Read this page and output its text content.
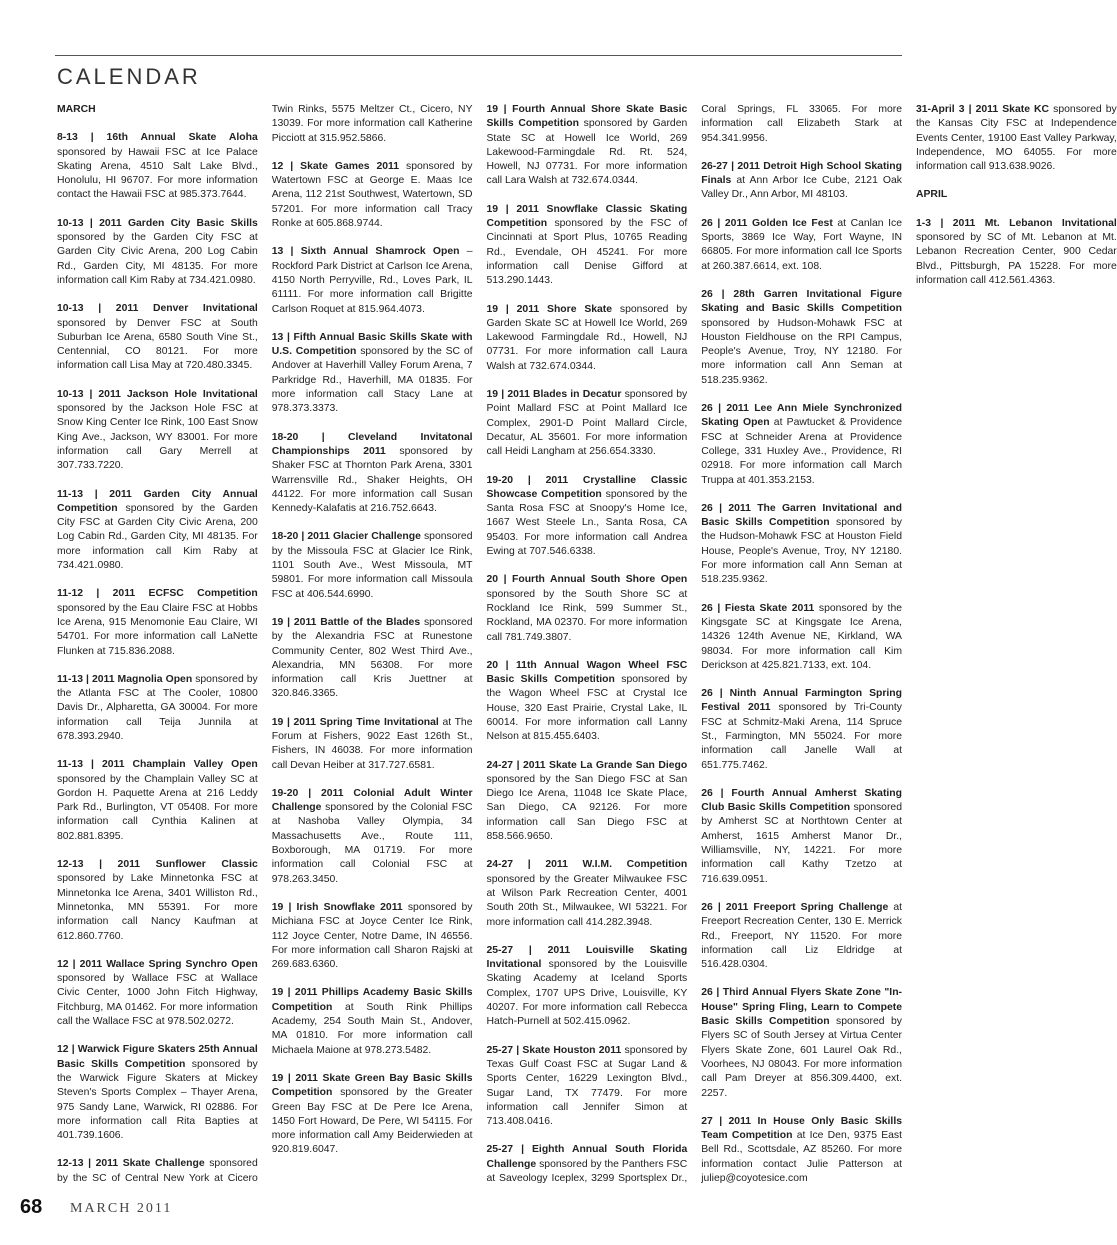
CALENDAR
MARCH
8-13 | 16th Annual Skate Aloha sponsored by Hawaii FSC at Ice Palace Skating Arena, 4510 Salt Lake Blvd., Honolulu, HI 96707. For more information contact the Hawaii FSC at 985.373.7644.
10-13 | 2011 Garden City Basic Skills sponsored by the Garden City FSC at Garden City Civic Arena, 200 Log Cabin Rd., Garden City, MI 48135. For more information call Kim Raby at 734.421.0980.
10-13 | 2011 Denver Invitational sponsored by Denver FSC at South Suburban Ice Arena, 6580 South Vine St., Centennial, CO 80121. For more information call Lisa May at 720.480.3345.
10-13 | 2011 Jackson Hole Invitational sponsored by the Jackson Hole FSC at Snow King Center Ice Rink, 100 East Snow King Ave., Jackson, WY 83001. For more information call Gary Merrell at 307.733.7220.
11-13 | 2011 Garden City Annual Competition sponsored by the Garden City FSC at Garden City Civic Arena, 200 Log Cabin Rd., Garden City, MI 48135. For more information call Kim Raby at 734.421.0980.
11-12 | 2011 ECFSC Competition sponsored by the Eau Claire FSC at Hobbs Ice Arena, 915 Menomonie Eau Claire, WI 54701. For more information call LaNette Flunken at 715.836.2088.
11-13 | 2011 Magnolia Open sponsored by the Atlanta FSC at The Cooler, 10800 Davis Dr., Alpharetta, GA 30004. For more information call Teija Junnila at 678.393.2940.
11-13 | 2011 Champlain Valley Open sponsored by the Champlain Valley SC at Gordon H. Paquette Arena at 216 Leddy Park Rd., Burlington, VT 05408. For more information call Cynthia Kalinen at 802.881.8395.
12-13 | 2011 Sunflower Classic sponsored by Lake Minnetonka FSC at Minnetonka Ice Arena, 3401 Williston Rd., Minnetonka, MN 55391. For more information call Nancy Kaufman at 612.860.7760.
12 | 2011 Wallace Spring Synchro Open sponsored by Wallace FSC at Wallace Civic Center, 1000 John Fitch Highway, Fitchburg, MA 01462. For more information call the Wallace FSC at 978.502.0272.
12 | Warwick Figure Skaters 25th Annual Basic Skills Competition sponsored by the Warwick Figure Skaters at Mickey Steven's Sports Complex – Thayer Arena, 975 Sandy Lane, Warwick, RI 02886. For more information call Rita Bapties at 401.739.1606.
12-13 | 2011 Skate Challenge sponsored by the SC of Central New York at Cicero Twin Rinks, 5575 Meltzer Ct., Cicero, NY 13039. For more information call Katherine Picciott at 315.952.5866.
12 | Skate Games 2011 sponsored by Watertown FSC at George E. Maas Ice Arena, 112 21st Southwest, Watertown, SD 57201. For more information call Tracy Ronke at 605.868.9744.
13 | Sixth Annual Shamrock Open – Rockford Park District at Carlson Ice Arena, 4150 North Perryville, Rd., Loves Park, IL 61111. For more information call Brigitte Carlson Roquet at 815.964.4073.
13 | Fifth Annual Basic Skills Skate with U.S. Competition sponsored by the SC of Andover at Haverhill Valley Forum Arena, 7 Parkridge Rd., Haverhill, MA 01835. For more information call Stacy Lane at 978.373.3373.
18-20 | Cleveland Invitatonal Championships 2011 sponsored by Shaker FSC at Thornton Park Arena, 3301 Warrensville Rd., Shaker Heights, OH 44122. For more information call Susan Kennedy-Kalafatis at 216.752.6643.
18-20 | 2011 Glacier Challenge sponsored by the Missoula FSC at Glacier Ice Rink, 1101 South Ave., West Missoula, MT 59801. For more information call Missoula FSC at 406.544.6990.
19 | 2011 Battle of the Blades sponsored by the Alexandria FSC at Runestone Community Center, 802 West Third Ave., Alexandria, MN 56308. For more information call Kris Juettner at 320.846.3365.
19 | 2011 Spring Time Invitational at The Forum at Fishers, 9022 East 126th St., Fishers, IN 46038. For more information call Devan Heiber at 317.727.6581.
19-20 | 2011 Colonial Adult Winter Challenge sponsored by the Colonial FSC at Nashoba Valley Olympia, 34 Massachusetts Ave., Route 111, Boxborough, MA 01719. For more information call Colonial FSC at 978.263.3450.
19 | Irish Snowflake 2011 sponsored by Michiana FSC at Joyce Center Ice Rink, 112 Joyce Center, Notre Dame, IN 46556. For more information call Sharon Rajski at 269.683.6360.
19 | 2011 Phillips Academy Basic Skills Competition at South Rink Phillips Academy, 254 South Main St., Andover, MA 01810. For more information call Michaela Maione at 978.273.5482.
19 | 2011 Skate Green Bay Basic Skills Competition sponsored by the Greater Green Bay FSC at De Pere Ice Arena, 1450 Fort Howard, De Pere, WI 54115. For more information call Amy Beiderwieden at 920.819.6047.
19 | Fourth Annual Shore Skate Basic Skills Competition sponsored by Garden State SC at Howell Ice World, 269 Lakewood-Farmingdale Rd. Rt. 524, Howell, NJ 07731. For more information call Lara Walsh at 732.674.0344.
19 | 2011 Snowflake Classic Skating Competition sponsored by the FSC of Cincinnati at Sport Plus, 10765 Reading Rd., Evendale, OH 45241. For more information call Denise Gifford at 513.290.1443.
19 | 2011 Shore Skate sponsored by Garden Skate SC at Howell Ice World, 269 Lakewood Farmingdale Rd., Howell, NJ 07731. For more information call Laura Walsh at 732.674.0344.
19 | 2011 Blades in Decatur sponsored by Point Mallard FSC at Point Mallard Ice Complex, 2901-D Point Mallard Circle, Decatur, AL 35601. For more information call Heidi Langham at 256.654.3330.
19-20 | 2011 Crystalline Classic Showcase Competition sponsored by the Santa Rosa FSC at Snoopy's Home Ice, 1667 West Steele Ln., Santa Rosa, CA 95403. For more information call Andrea Ewing at 707.546.6338.
20 | Fourth Annual South Shore Open sponsored by the South Shore SC at Rockland Ice Rink, 599 Summer St., Rockland, MA 02370. For more information call 781.749.3807.
20 | 11th Annual Wagon Wheel FSC Basic Skills Competition sponsored by the Wagon Wheel FSC at Crystal Ice House, 320 East Prairie, Crystal Lake, IL 60014. For more information call Lanny Nelson at 815.455.6403.
24-27 | 2011 Skate La Grande San Diego sponsored by the San Diego FSC at San Diego Ice Arena, 11048 Ice Skate Place, San Diego, CA 92126. For more information call San Diego FSC at 858.566.9650.
24-27 | 2011 W.I.M. Competition sponsored by the Greater Milwaukee FSC at Wilson Park Recreation Center, 4001 South 20th St., Milwaukee, WI 53221. For more information call 414.282.3948.
25-27 | 2011 Louisville Skating Invitational sponsored by the Louisville Skating Academy at Iceland Sports Complex, 1707 UPS Drive, Louisville, KY 40207. For more information call Rebecca Hatch-Purnell at 502.415.0962.
25-27 | Skate Houston 2011 sponsored by Texas Gulf Coast FSC at Sugar Land & Sports Center, 16229 Lexington Blvd., Sugar Land, TX 77479. For more information call Jennifer Simon at 713.408.0416.
25-27 | Eighth Annual South Florida Challenge sponsored by the Panthers FSC at Saveology Iceplex, 3299 Sportsplex Dr., Coral Springs, FL 33065. For more information call Elizabeth Stark at 954.341.9956.
26-27 | 2011 Detroit High School Skating Finals at Ann Arbor Ice Cube, 2121 Oak Valley Dr., Ann Arbor, MI 48103.
26 | 2011 Golden Ice Fest at Canlan Ice Sports, 3869 Ice Way, Fort Wayne, IN 66805. For more information call Ice Sports at 260.387.6614, ext. 108.
26 | 28th Garren Invitational Figure Skating and Basic Skills Competition sponsored by Hudson-Mohawk FSC at Houston Fieldhouse on the RPI Campus, People's Avenue, Troy, NY 12180. For more information call Ann Seman at 518.235.9362.
26 | 2011 Lee Ann Miele Synchronized Skating Open at Pawtucket & Providence FSC at Schneider Arena at Providence College, 331 Huxley Ave., Providence, RI 02918. For more information call March Truppa at 401.353.2153.
26 | 2011 The Garren Invitational and Basic Skills Competition sponsored by the Hudson-Mohawk FSC at Houston Field House, People's Avenue, Troy, NY 12180. For more information call Ann Seman at 518.235.9362.
26 | Fiesta Skate 2011 sponsored by the Kingsgate SC at Kingsgate Ice Arena, 14326 124th Avenue NE, Kirkland, WA 98034. For more information call Kim Derickson at 425.821.7133, ext. 104.
26 | Ninth Annual Farmington Spring Festival 2011 sponsored by Tri-County FSC at Schmitz-Maki Arena, 114 Spruce St., Farmington, MN 55024. For more information call Janelle Wall at 651.775.7462.
26 | Fourth Annual Amherst Skating Club Basic Skills Competition sponsored by Amherst SC at Northtown Center at Amherst, 1615 Amherst Manor Dr., Williamsville, NY, 14221. For more information call Kathy Tzetzo at 716.639.0951.
26 | 2011 Freeport Spring Challenge at Freeport Recreation Center, 130 E. Merrick Rd., Freeport, NY 11520. For more information call Liz Eldridge at 516.428.0304.
26 | Third Annual Flyers Skate Zone "In-House" Spring Fling, Learn to Compete Basic Skills Competition sponsored by Flyers SC of South Jersey at Virtua Center Flyers Skate Zone, 601 Laurel Oak Rd., Voorhees, NJ 08043. For more information call Pam Dreyer at 856.309.4400, ext. 2257.
27 | 2011 In House Only Basic Skills Team Competition at Ice Den, 9375 East Bell Rd., Scottsdale, AZ 85260. For more information contact Julie Patterson at juliep@coyotesice.com
31-April 3 | 2011 Skate KC sponsored by the Kansas City FSC at Independence Events Center, 19100 East Valley Parkway, Independence, MO 64055. For more information call 913.638.9026.
APRIL
1-3 | 2011 Mt. Lebanon Invitational sponsored by SC of Mt. Lebanon at Mt. Lebanon Recreation Center, 900 Cedar Blvd., Pittsburgh, PA 15228. For more information call 412.561.4363.
68 MARCH 2011
